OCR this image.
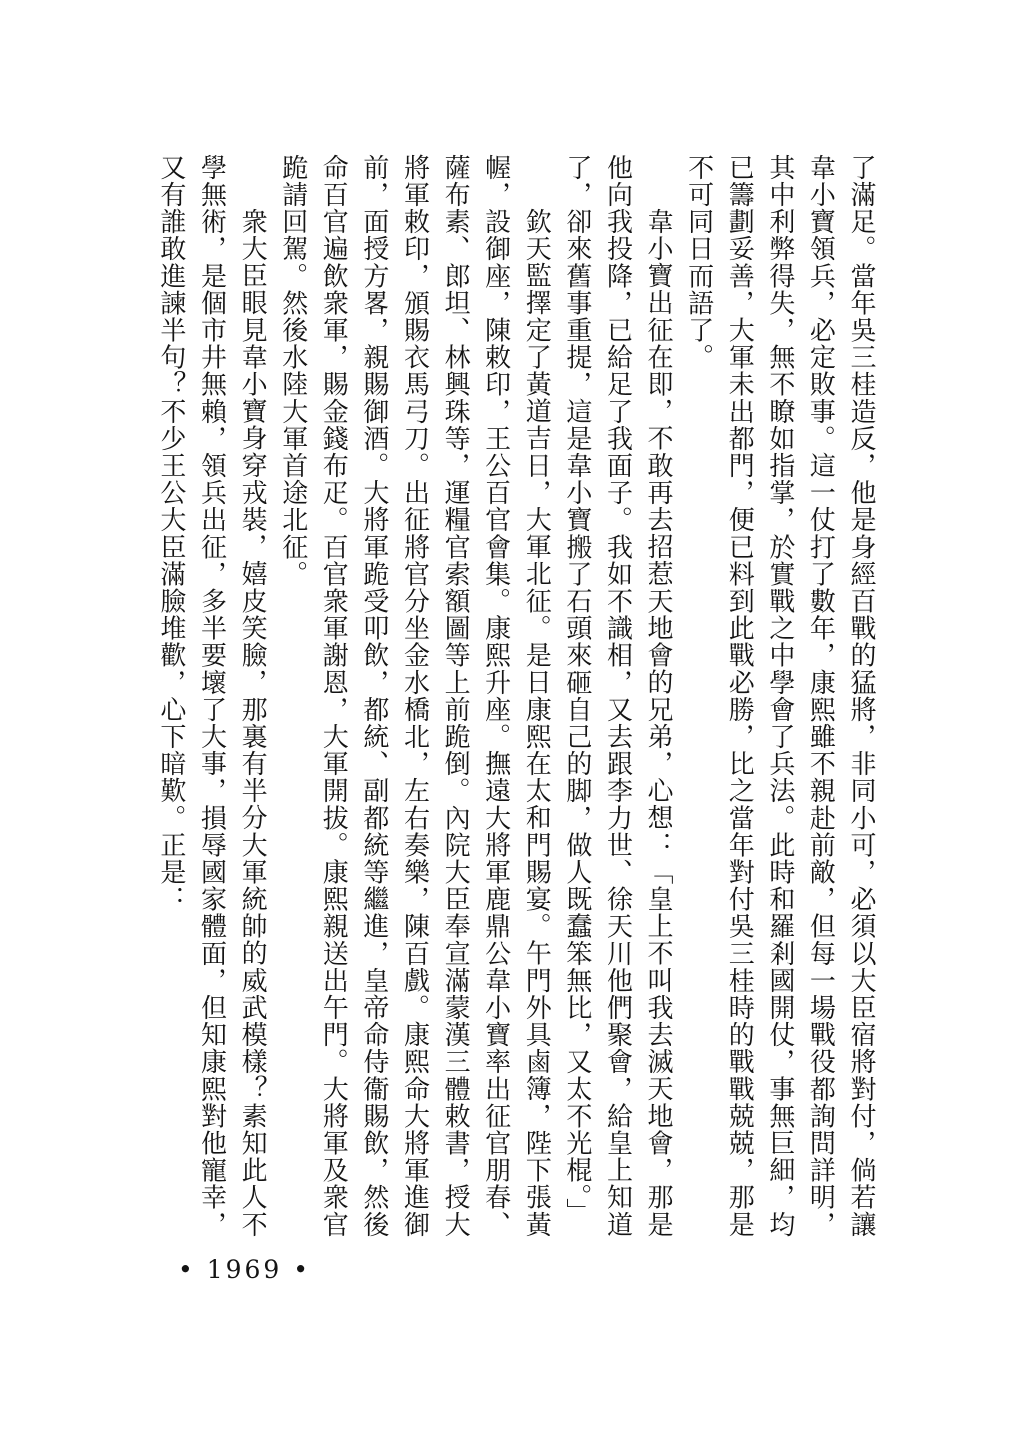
了滿足。當年吳三桂造反，他是身經百戰的猛將，非同小可，必須以大臣宿將對付，倘若讓韋小寶領兵，必定敗事。這一仗打了數年，康熙雖不親赴前敵，但每一場戰役都詢問詳明，其中利弊得失，無不瞭如指掌，於實戰之中學會了兵法。此時和羅剎國開仗，事無巨細，均已籌劃妥善，大軍未出都門，便已料到此戰必勝，比之當年對付吳三桂時的戰戰兢兢，那是不可同日而語了。

韋小寶出征在即，不敢再去招惹天地會的兄弟，心想：「皇上不叫我去滅天地會，那是他向我投降，已給足了我面子。我如不識相，又去跟李力世、徐天川他們聚會，給皇上知道了，卻來舊事重提，這是韋小寶搬了石頭來砸自己的脚，做人既蠢笨無比，又太不光棍。」

欽天監擇定了黃道吉日，大軍北征。是日康熙在太和門賜宴。午門外具鹵簿，陛下張黃幄，設御座，陳敕印，王公百官會集。康熙升座。撫遠大將軍鹿鼎公韋小寶率出征官朋春、薩布素、郎坦、林興珠等，運糧官索額圖等上前跪倒。內院大臣奉宣滿蒙漢三體敕書，授大將軍敕印，頒賜衣馬弓刀。出征將官分坐金水橋北，左右奏樂，陳百戲。康熙命大將軍進御前，面授方畧，親賜御酒。大將軍跪受叩飲，都統、副都統等繼進，皇帝命侍衞賜飲，然後命百官遍飲衆軍，賜金錢布疋。百官衆軍謝恩，大軍開拔。康熙親送出午門。大將軍及衆官跪請回駕。然後水陸大軍首途北征。

衆大臣眼見韋小寶身穿戎裝，嬉皮笑臉，那裏有半分大軍統帥的威武模樣？素知此人不學無術，是個市井無賴，領兵出征，多半要壞了大事，損辱國家體面，但知康熙對他寵幸，又有誰敢進諫半句？不少王公大臣滿臉堆歡，心下暗歎。正是：

• 1969 •
